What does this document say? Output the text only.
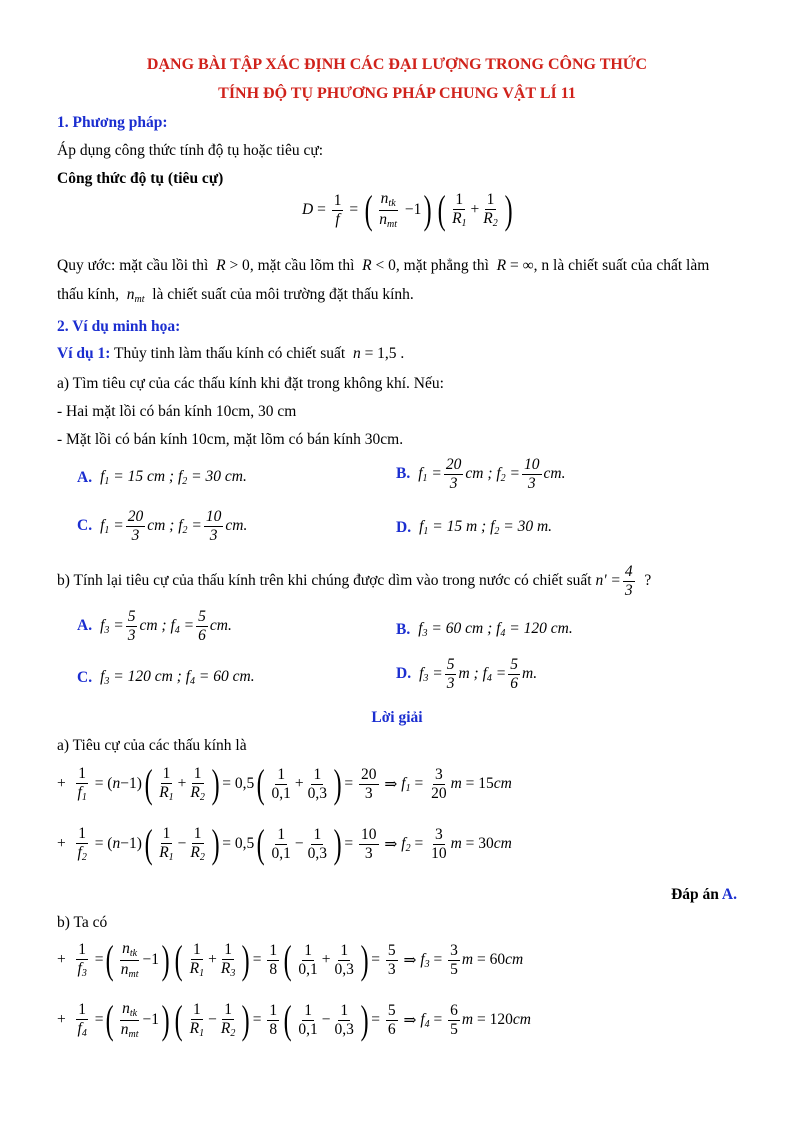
DẠNG BÀI TẬP XÁC ĐỊNH CÁC ĐẠI LƯỢNG TRONG CÔNG THỨC
TÍNH ĐỘ TỤ PHƯƠNG PHÁP CHUNG VẬT LÍ 11
1. Phương pháp:
Áp dụng công thức tính độ tụ hoặc tiêu cự:
Công thức độ tụ (tiêu cự)
$D = \frac{1}{f}$ = ( $\frac{n_{tk}}{n_{mt}} -1$ ) ( $\frac{1}{R_1} + \frac{1}{R_2}$ )
Quy ước: mặt cầu lồi thì  R > 0, mặt cầu lõm thì  R < 0, mặt phẳng thì  R = ∞, n là chiết suất của chất làm
thấu kính,  $n_{mt}$ là chiết suất của môi trường đặt thấu kính.
2. Ví dụ minh họa:
Ví dụ 1: Thủy tinh làm thấu kính có chiết suất  n = 1,5 .
a) Tìm tiêu cự của các thấu kính khi đặt trong không khí. Nếu:
- Hai mặt lồi có bán kính 10cm, 30 cm
- Mặt lồi có bán kính 10cm, mặt lõm có bán kính 30cm.
A. $f_1 = 15$ cm ; $f_2 = 30$ cm.	B. $f_1 = \frac{20}{3}$ cm ; $f_2 = \frac{10}{3}$ cm.
C. $f_1 = \frac{20}{3}$ cm ; $f_2 = \frac{10}{3}$ cm.	D. $f_1 = 15$ m ; $f_2 = 30$ m.
b) Tính lại tiêu cự của thấu kính trên khi chúng được dìm vào trong nước có chiết suất $n' = \frac{4}{3}$
?
A. $f_3 = \frac{5}{3}$ cm ; $f_4 = \frac{5}{6}$ cm.	B. $f_3 = 60$ cm ; $f_4 = 120$ cm.
C. $f_3 = 120$ cm ; $f_4 = 60$ cm.	D. $f_3 = \frac{5}{3}$ m ; $f_4 = \frac{5}{6} m$.
Lời giải
a) Tiêu cự của các thấu kính là
+ $\frac{1}{f_1}$ = ( n −1) ( $\frac{1}{R_1} + \frac{1}{R_2}$ ) = 0,5 ( $\frac{1}{0,1} + \frac{1}{0,3}$ ) = $\frac{20}{3}$ ⇒ $f_1 = \frac{3}{20}$ m = 15 cm
+ $\frac{1}{f_2}$ = ( n −1) ( $\frac{1}{R_1} - \frac{1}{R_2}$ ) = 0,5 ( $\frac{1}{0,1} - \frac{1}{0,3}$ ) = $\frac{10}{3}$ ⇒ $f_2 = \frac{3}{10}$ m = 30 cm
Đáp án A.
b) Ta có
+ $\frac{1}{f_3}$ = ( $\frac{n_{tk}}{n_{mt}} -1$ ) ( $\frac{1}{R_1} + \frac{1}{R_3}$ ) = $\frac{1}{8}$ ( $\frac{1}{0,1} + \frac{1}{0,3}$ ) = $\frac{5}{3}$ ⇒ $f_3 = \frac{3}{5}$ m = 60 cm
+ $\frac{1}{f_4}$ = ( $\frac{n_{tk}}{n_{mt}} -1$ ) ( $\frac{1}{R_1} - \frac{1}{R_2}$ ) = $\frac{1}{8}$ ( $\frac{1}{0,1} - \frac{1}{0,3}$ ) = $\frac{5}{6}$ ⇒ $f_4 = \frac{6}{5}$ m = 120 cm
